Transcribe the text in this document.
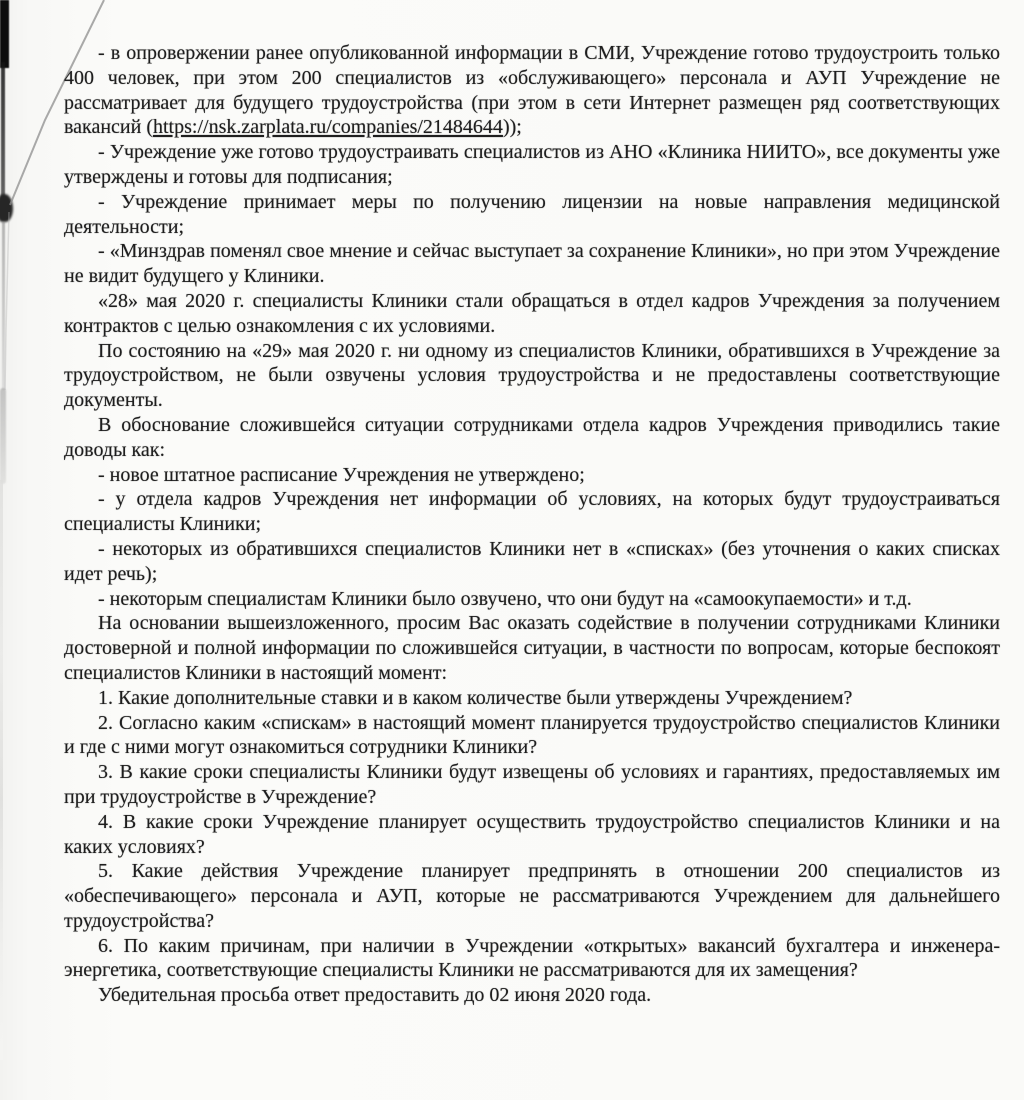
- в опровержении ранее опубликованной информации в СМИ, Учреждение готово трудоустроить только 400 человек, при этом 200 специалистов из «обслуживающего» персонала и АУП Учреждение не рассматривает для будущего трудоустройства (при этом в сети Интернет размещен ряд соответствующих вакансий (https://nsk.zarplata.ru/companies/21484644));

- Учреждение уже готово трудоустраивать специалистов из АНО «Клиника НИИТО», все документы уже утверждены и готовы для подписания;

- Учреждение принимает меры по получению лицензии на новые направления медицинской деятельности;

- «Минздрав поменял свое мнение и сейчас выступает за сохранение Клиники», но при этом Учреждение не видит будущего у Клиники.

«28» мая 2020 г. специалисты Клиники стали обращаться в отдел кадров Учреждения за получением контрактов с целью ознакомления с их условиями.

По состоянию на «29» мая 2020 г. ни одному из специалистов Клиники, обратившихся в Учреждение за трудоустройством, не были озвучены условия трудоустройства и не предоставлены соответствующие документы.

В обоснование сложившейся ситуации сотрудниками отдела кадров Учреждения приводились такие доводы как:

- новое штатное расписание Учреждения не утверждено;

- у отдела кадров Учреждения нет информации об условиях, на которых будут трудоустраиваться специалисты Клиники;

- некоторых из обратившихся специалистов Клиники нет в «списках» (без уточнения о каких списках идет речь);

- некоторым специалистам Клиники было озвучено, что они будут на «самоокупаемости» и т.д.

На основании вышеизложенного, просим Вас оказать содействие в получении сотрудниками Клиники достоверной и полной информации по сложившейся ситуации, в частности по вопросам, которые беспокоят специалистов Клиники в настоящий момент:

1. Какие дополнительные ставки и в каком количестве были утверждены Учреждением?

2. Согласно каким «спискам» в настоящий момент планируется трудоустройство специалистов Клиники и где с ними могут ознакомиться сотрудники Клиники?

3. В какие сроки специалисты Клиники будут извещены об условиях и гарантиях, предоставляемых им при трудоустройстве в Учреждение?

4. В какие сроки Учреждение планирует осуществить трудоустройство специалистов Клиники и на каких условиях?

5. Какие действия Учреждение планирует предпринять в отношении 200 специалистов из «обеспечивающего» персонала и АУП, которые не рассматриваются Учреждением для дальнейшего трудоустройства?

6. По каким причинам, при наличии в Учреждении «открытых» вакансий бухгалтера и инженера-энергетика, соответствующие специалисты Клиники не рассматриваются для их замещения?

Убедительная просьба ответ предоставить до 02 июня 2020 года.
